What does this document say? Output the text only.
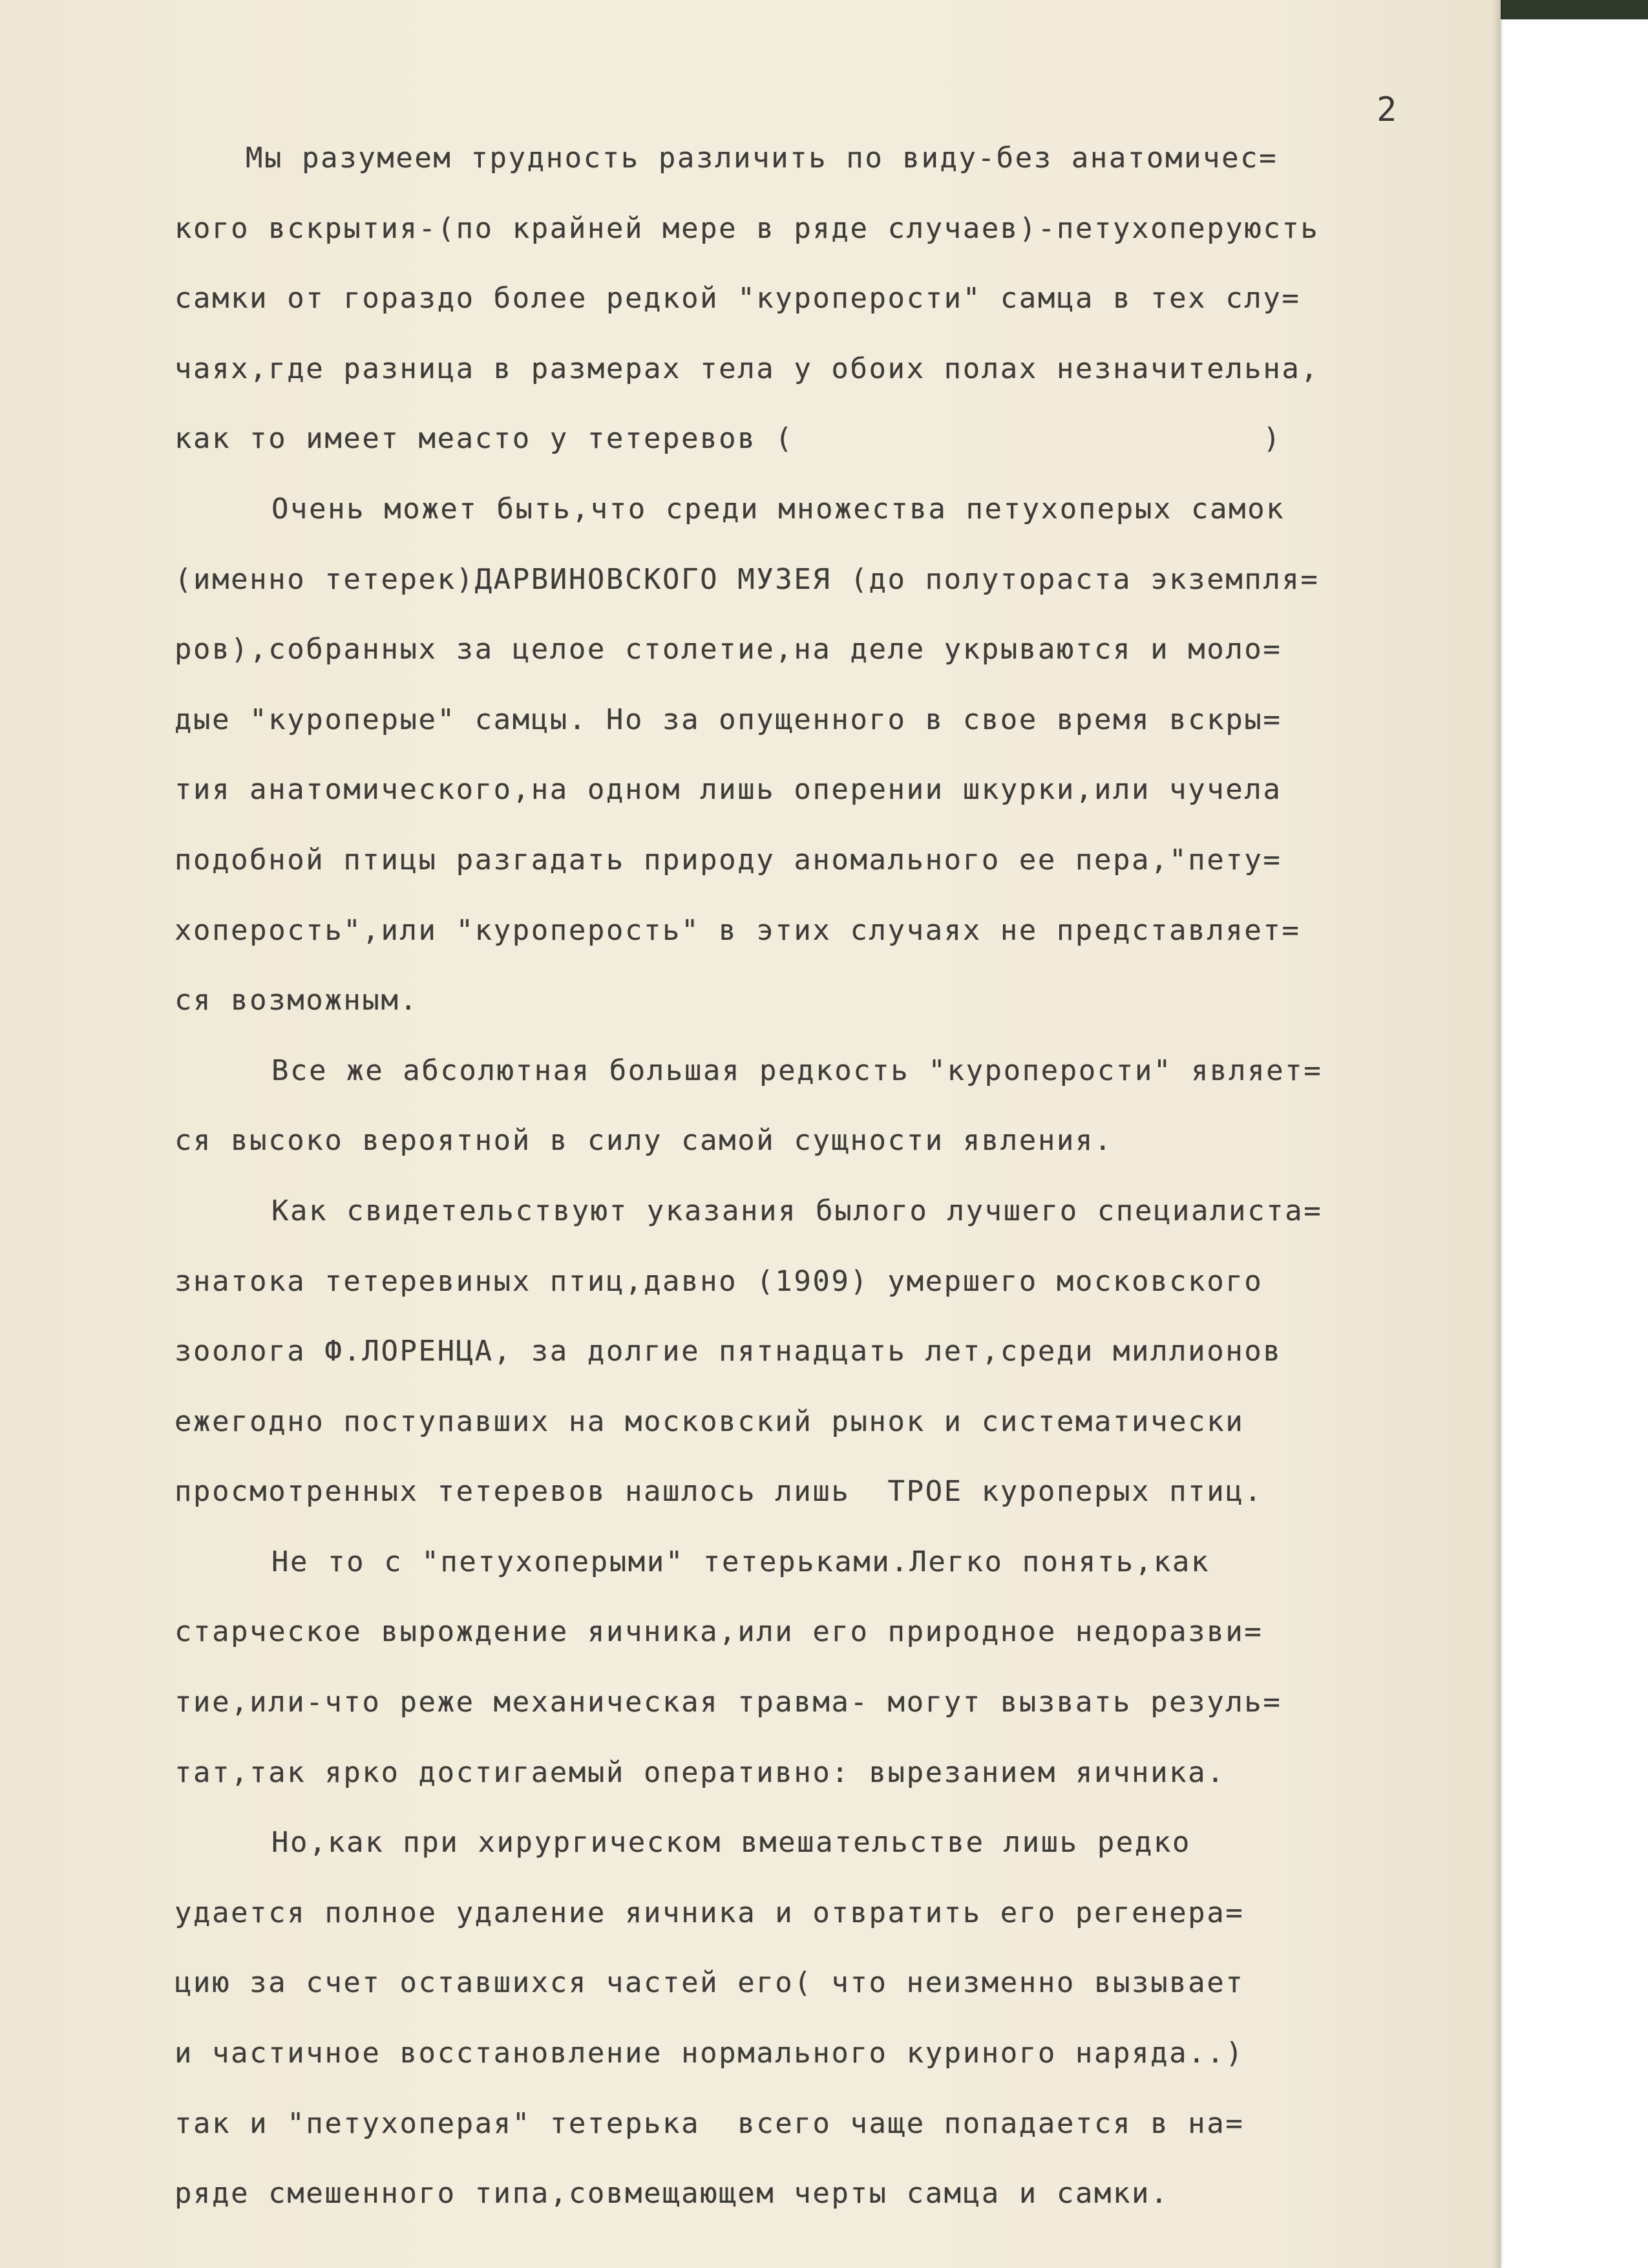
2
Мы разумеем трудность различить по виду-без анатомичес=
кого вскрытия-(по крайней мере в ряде случаев)-петухоперуюсть
самки от гораздо более редкой "куроперости" самца в тех слу=
чаях,где разница в размерах тела у обоих полах незначительна,
как то имеет меасто у тетеревов (                         )
Очень может быть,что среди множества петухоперых самок
(именно тетерек)ДАРВИНОВСКОГО МУЗЕЯ (до полутораста экземпля=
ров),собранных за целое столетие,на деле укрываются и моло=
дые "куроперые" самцы. Но за опущенного в свое время вскры=
тия анатомического,на одном лишь оперении шкурки,или чучела
подобной птицы разгадать природу аномального ее пера,"пету=
хоперость",или "куроперость" в этих случаях не представляет=
ся возможным.
Все же абсолютная большая редкость "куроперости" являет=
ся высоко вероятной в силу самой сущности явления.
Как свидетельствуют указания былого лучшего специалиста=
знатока тетеревиных птиц,давно (1909) умершего московского
зоолога Ф.ЛОРЕНЦА, за долгие пятнадцать лет,среди миллионов
ежегодно поступавших на московский рынок и систематически
просмотренных тетеревов нашлось лишь  ТРОЕ куроперых птиц.
Не то с "петухоперыми" тетерьками.Легко понять,как
старческое вырождение яичника,или его природное недоразви=
тие,или-что реже механическая травма- могут вызвать резуль=
тат,так ярко достигаемый оперативно: вырезанием яичника.
Но,как при хирургическом вмешательстве лишь редко
удается полное удаление яичника и отвратить его регенера=
цию за счет оставшихся частей его( что неизменно вызывает
и частичное восстановление нормального куриного наряда..)
так и "петухоперая" тетерька  всего чаще попадается в на=
ряде смешенного типа,совмещающем черты самца и самки.
